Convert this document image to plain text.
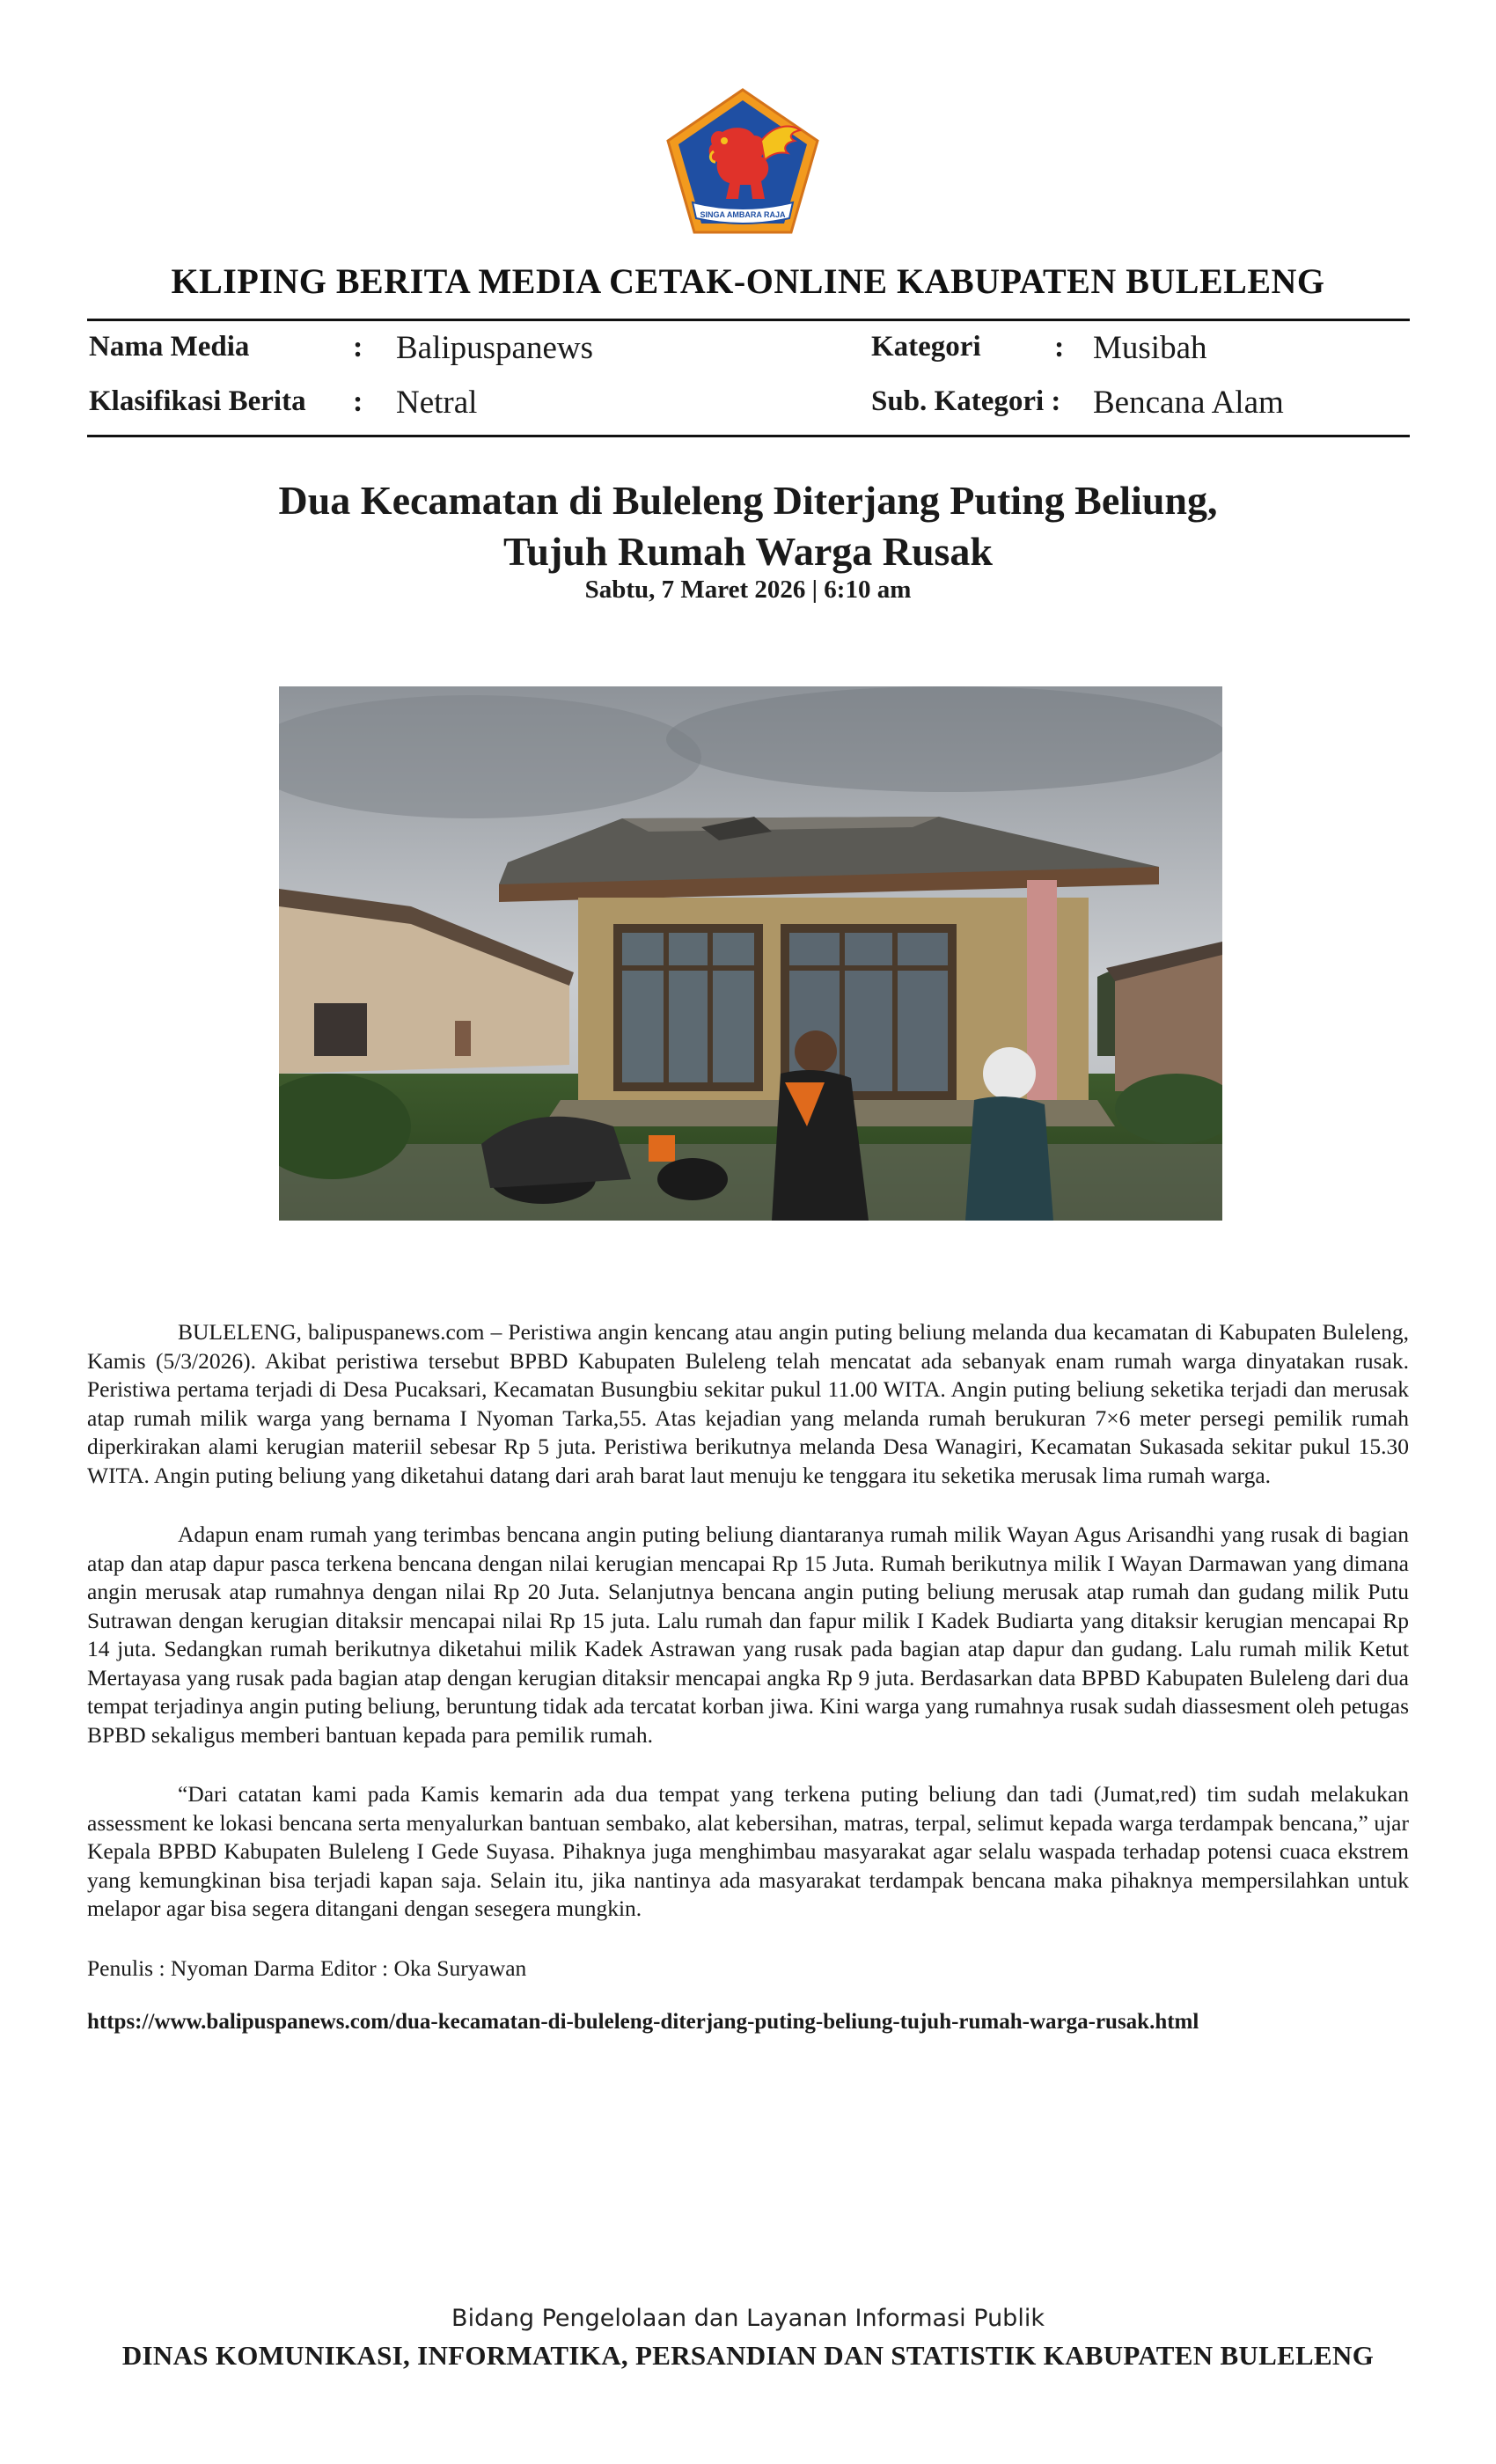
SINGA AMBARA RAJA
KLIPING BERITA MEDIA CETAK-ONLINE KABUPATEN BULELENG
Nama Media	: Balipuspanews	Kategori : Musibah
Klasifikasi Berita : Netral	Sub. Kategori : Bencana Alam
Dua Kecamatan di Buleleng Diterjang Puting Beliung,
Tujuh Rumah Warga Rusak
Sabtu, 7 Maret 2026 | 6:10 am

BULELENG, balipuspanews.com – Peristiwa angin kencang atau angin puting beliung melanda dua kecamatan di Kabupaten Buleleng, Kamis (5/3/2026). Akibat peristiwa tersebut BPBD Kabupaten Buleleng telah mencatat ada sebanyak enam rumah warga dinyatakan rusak. Peristiwa pertama terjadi di Desa Pucaksari, Kecamatan Busungbiu sekitar pukul 11.00 WITA. Angin puting beliung seketika terjadi dan merusak atap rumah milik warga yang bernama I Nyoman Tarka,55. Atas kejadian yang melanda rumah berukuran 7×6 meter persegi pemilik rumah diperkirakan alami kerugian materiil sebesar Rp 5 juta. Peristiwa berikutnya melanda Desa Wanagiri, Kecamatan Sukasada sekitar pukul 15.30 WITA. Angin puting beliung yang diketahui datang dari arah barat laut menuju ke tenggara itu seketika merusak lima rumah warga.

Adapun enam rumah yang terimbas bencana angin puting beliung diantaranya rumah milik Wayan Agus Arisandhi yang rusak di bagian atap dan atap dapur pasca terkena bencana dengan nilai kerugian mencapai Rp 15 Juta. Rumah berikutnya milik I Wayan Darmawan yang dimana angin merusak atap rumahnya dengan nilai Rp 20 Juta. Selanjutnya bencana angin puting beliung merusak atap rumah dan gudang milik Putu Sutrawan dengan kerugian ditaksir mencapai nilai Rp 15 juta. Lalu rumah dan fapur milik I Kadek Budiarta yang ditaksir kerugian mencapai Rp 14 juta. Sedangkan rumah berikutnya diketahui milik Kadek Astrawan yang rusak pada bagian atap dapur dan gudang. Lalu rumah milik Ketut Mertayasa yang rusak pada bagian atap dengan kerugian ditaksir mencapai angka Rp 9 juta. Berdasarkan data BPBD Kabupaten Buleleng dari dua tempat terjadinya angin puting beliung, beruntung tidak ada tercatat korban jiwa. Kini warga yang rumahnya rusak sudah diassesment oleh petugas BPBD sekaligus memberi bantuan kepada para pemilik rumah.

“Dari catatan kami pada Kamis kemarin ada dua tempat yang terkena puting beliung dan tadi (Jumat,red) tim sudah melakukan assessment ke lokasi bencana serta menyalurkan bantuan sembako, alat kebersihan, matras, terpal, selimut kepada warga terdampak bencana,” ujar Kepala BPBD Kabupaten Buleleng I Gede Suyasa. Pihaknya juga menghimbau masyarakat agar selalu waspada terhadap potensi cuaca ekstrem yang kemungkinan bisa terjadi kapan saja. Selain itu, jika nantinya ada masyarakat terdampak bencana maka pihaknya mempersilahkan untuk melapor agar bisa segera ditangani dengan sesegera mungkin.

Penulis : Nyoman Darma Editor : Oka Suryawan
https://www.balipuspanews.com/dua-kecamatan-di-buleleng-diterjang-puting-beliung-tujuh-rumah-warga-rusak.html
Bidang Pengelolaan dan Layanan Informasi Publik
DINAS KOMUNIKASI, INFORMATIKA, PERSANDIAN DAN STATISTIK KABUPATEN BULELENG
